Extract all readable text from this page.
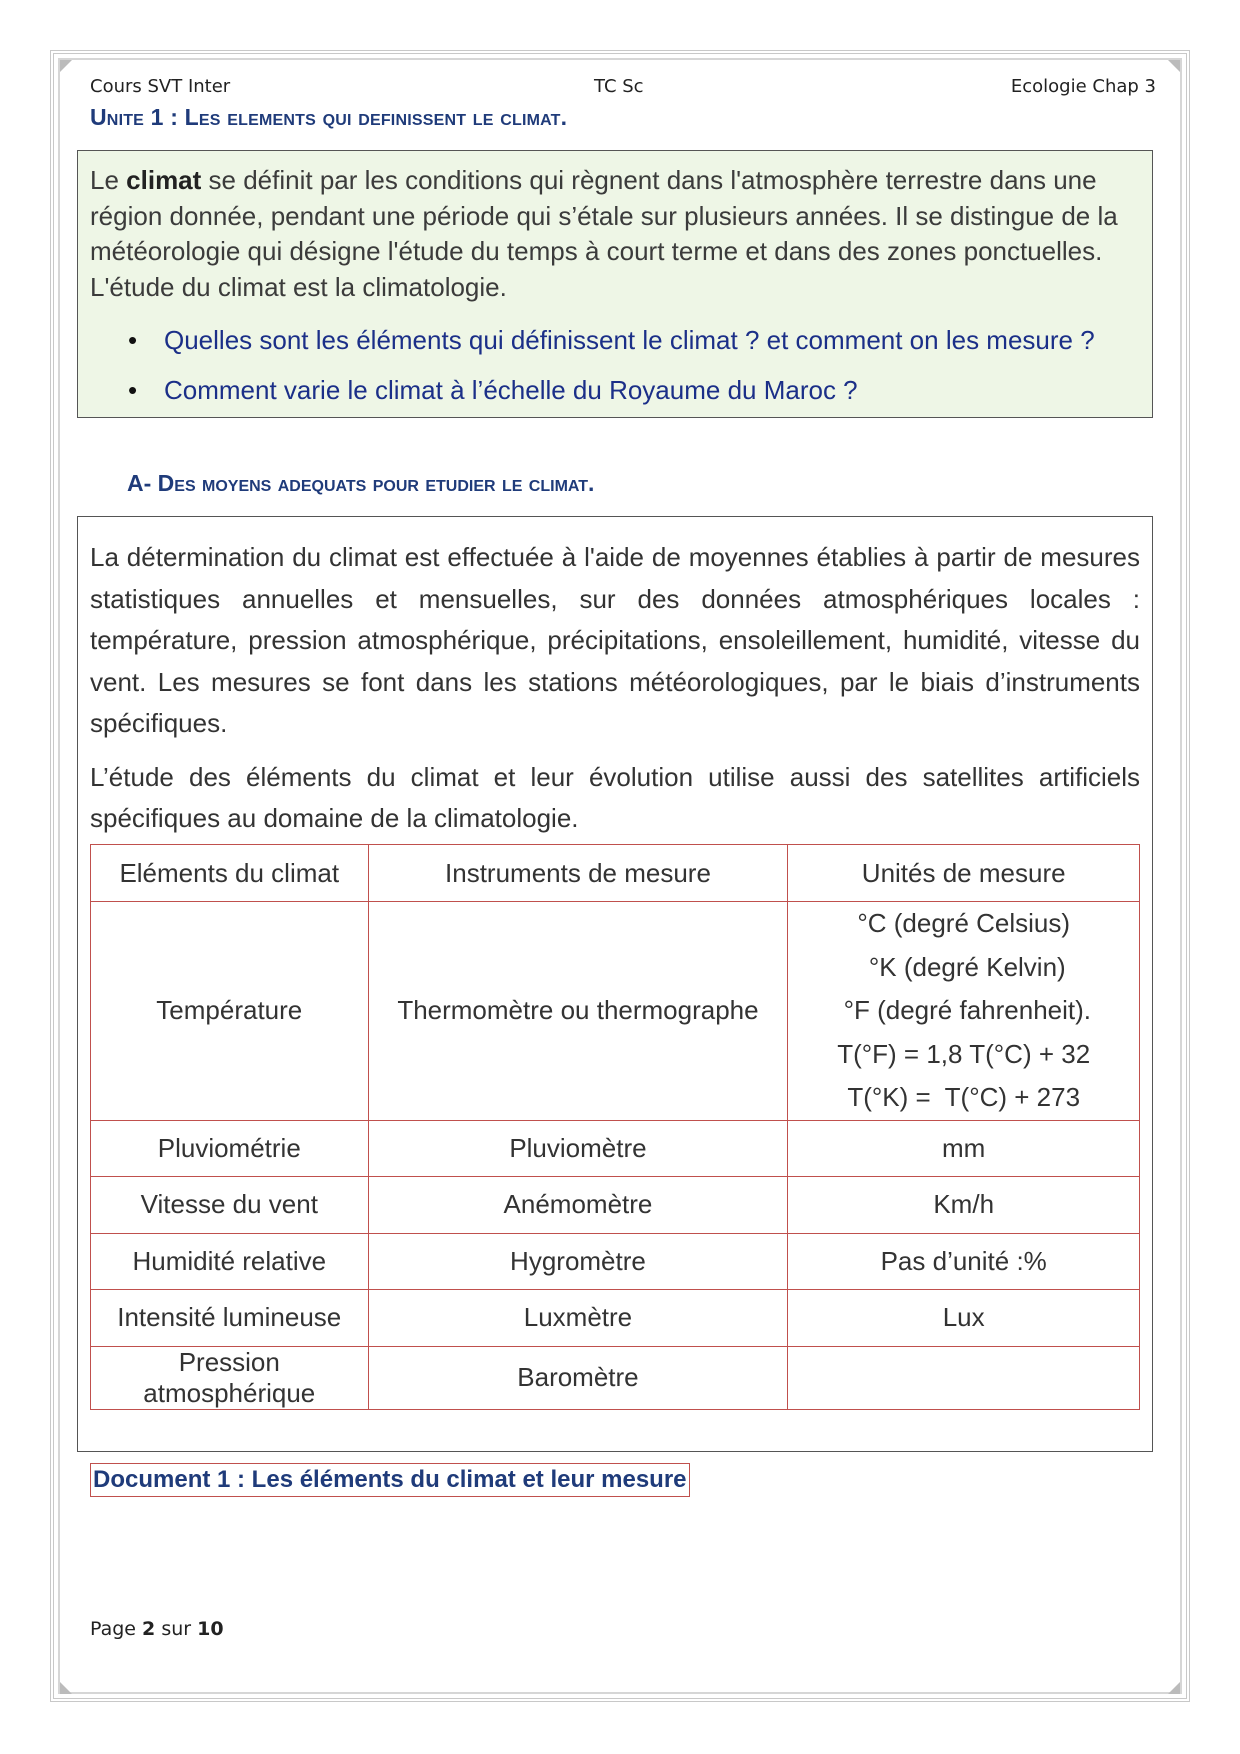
Cours SVT Inter	TC Sc	Ecologie Chap 3
Unite 1 : Les elements qui definissent le climat.

Le climat se définit par les conditions qui règnent dans l'atmosphère terrestre dans une région donnée, pendant une période qui s’étale sur plusieurs années. Il se distingue de la météorologie qui désigne l'étude du temps à court terme et dans des zones ponctuelles. L'étude du climat est la climatologie.

• Quelles sont les éléments qui définissent le climat ? et comment on les mesure ?
• Comment varie le climat à l’échelle du Royaume du Maroc ?
A- Des moyens adequats pour etudier le climat.

La détermination du climat est effectuée à l'aide de moyennes établies à partir de mesures statistiques annuelles et mensuelles, sur des données atmosphériques locales : température, pression atmosphérique, précipitations, ensoleillement, humidité, vitesse du vent. Les mesures se font dans les stations météorologiques, par le biais d’instruments spécifiques.

L’étude des éléments du climat et leur évolution utilise aussi des satellites artificiels spécifiques au domaine de la climatologie.

Eléments du climat	Instruments de mesure	Unités de mesure
Température	Thermomètre ou thermographe	°C (degré Celsius)
°K (degré Kelvin)
°F (degré fahrenheit).
T(°F) = 1,8 T(°C) + 32
T(°K) =  T(°C) + 273

Pluviométrie	Pluviomètre	mm
Vitesse du vent	Anémomètre	Km/h
Humidité relative	Hygromètre	Pas d’unité :%
Intensité lumineuse	Luxmètre	Lux

Pression
atmosphérique	Baromètre	
Document 1 : Les éléments du climat et leur mesure
Page 2 sur 10
